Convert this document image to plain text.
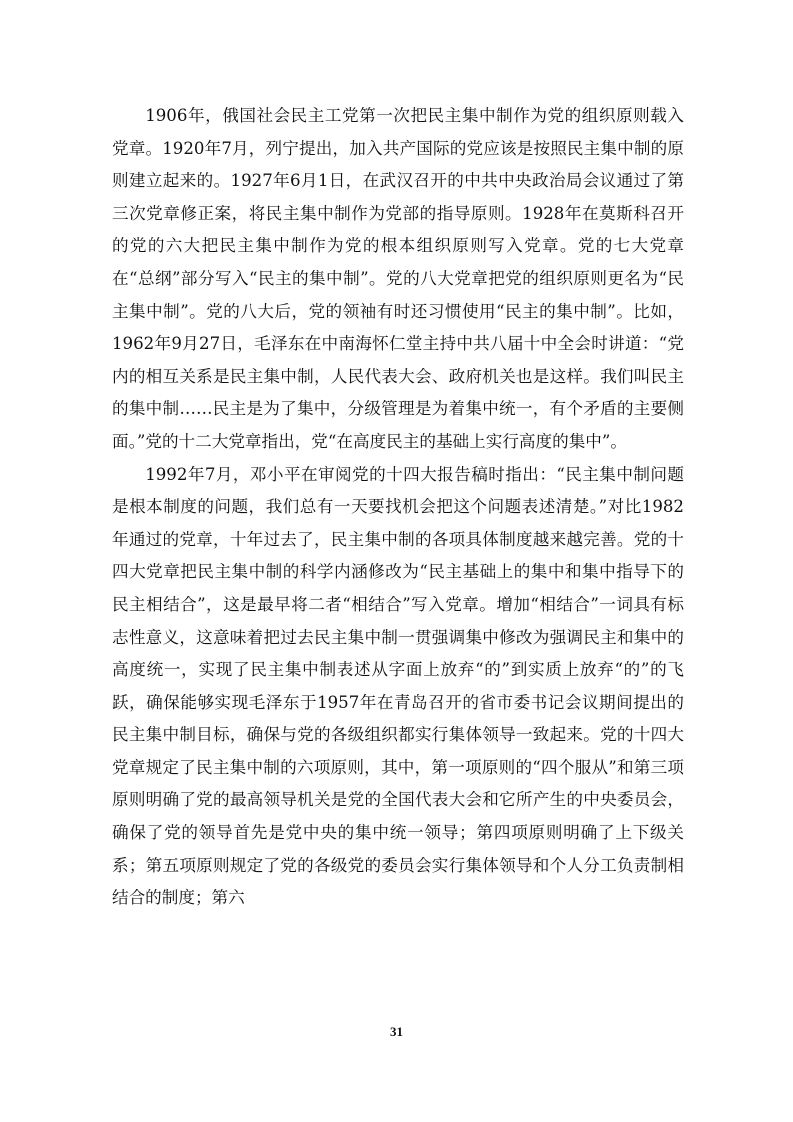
1906年，俄国社会民主工党第一次把民主集中制作为党的组织原则载入党章。1920年7月，列宁提出，加入共产国际的党应该是按照民主集中制的原则建立起来的。1927年6月1日，在武汉召开的中共中央政治局会议通过了第三次党章修正案，将民主集中制作为党部的指导原则。1928年在莫斯科召开的党的六大把民主集中制作为党的根本组织原则写入党章。党的七大党章在“总纲”部分写入“民主的集中制”。党的八大党章把党的组织原则更名为“民主集中制”。党的八大后，党的领袖有时还习惯使用“民主的集中制”。比如，1962年9月27日，毛泽东在中南海怀仁堂主持中共八届十中全会时讲道：“党内的相互关系是民主集中制，人民代表大会、政府机关也是这样。我们叫民主的集中制……民主是为了集中，分级管理是为着集中统一，有个矛盾的主要侧面。”党的十二大党章指出，党“在高度民主的基础上实行高度的集中”。

1992年7月，邓小平在审阅党的十四大报告稿时指出：“民主集中制问题是根本制度的问题，我们总有一天要找机会把这个问题表述清楚。”对比1982年通过的党章，十年过去了，民主集中制的各项具体制度越来越完善。党的十四大党章把民主集中制的科学内涵修改为“民主基础上的集中和集中指导下的民主相结合”，这是最早将二者“相结合”写入党章。增加“相结合”一词具有标志性意义，这意味着把过去民主集中制一贯强调集中修改为强调民主和集中的高度统一，实现了民主集中制表述从字面上放弃“的”到实质上放弃“的”的飞跃，确保能够实现毛泽东于1957年在青岛召开的省市委书记会议期间提出的民主集中制目标，确保与党的各级组织都实行集体领导一致起来。党的十四大党章规定了民主集中制的六项原则，其中，第一项原则的“四个服从”和第三项原则明确了党的最高领导机关是党的全国代表大会和它所产生的中央委员会，确保了党的领导首先是党中央的集中统一领导；第四项原则明确了上下级关系；第五项原则规定了党的各级党的委员会实行集体领导和个人分工负责制相结合的制度；第六

31
